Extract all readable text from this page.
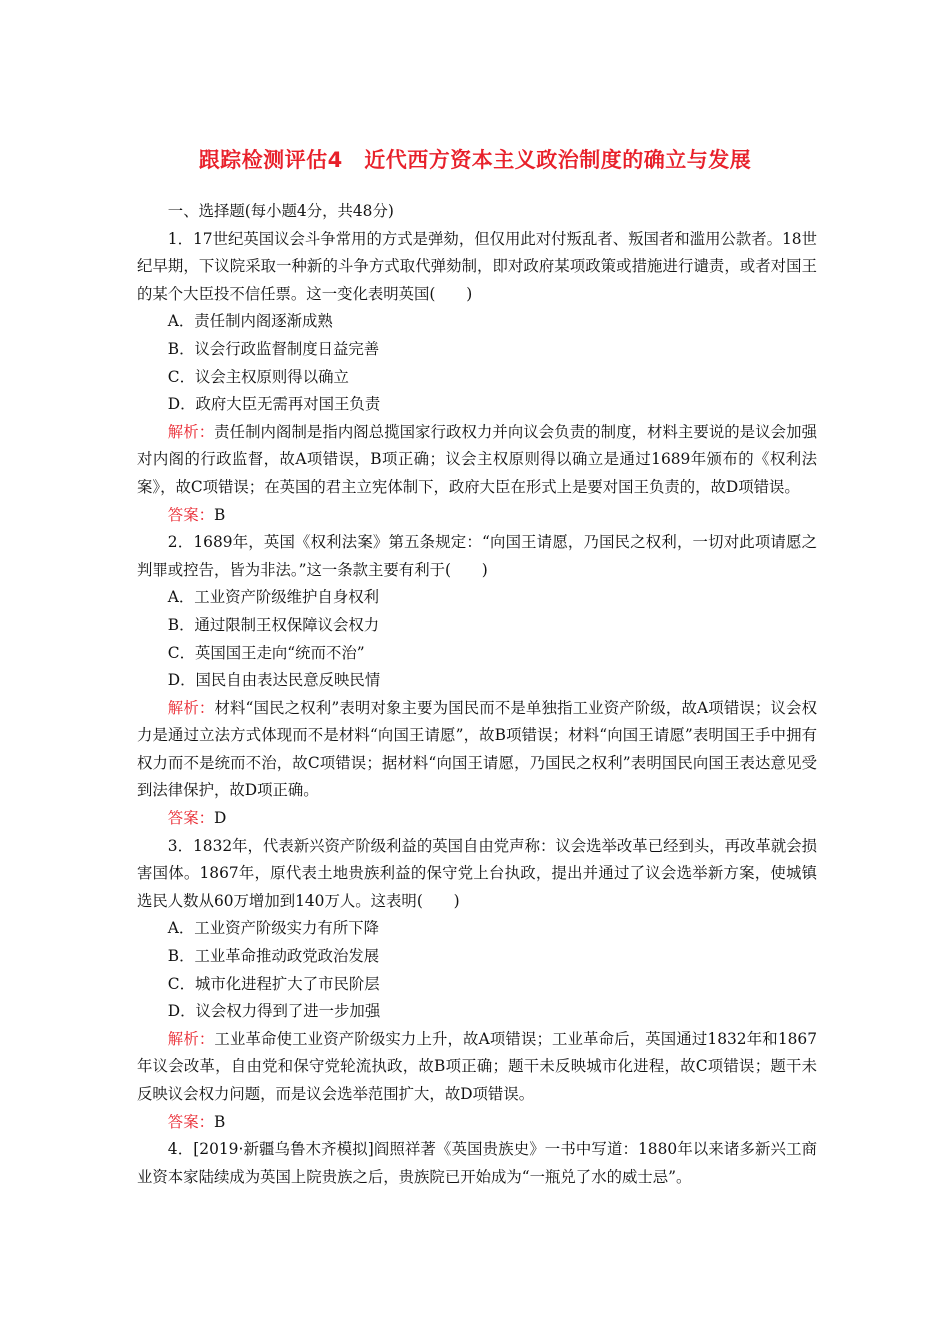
跟踪检测评估4　近代西方资本主义政治制度的确立与发展

一、选择题(每小题4分，共48分)

1．17世纪英国议会斗争常用的方式是弹劾，但仅用此对付叛乱者、叛国者和滥用公款者。18世纪早期，下议院采取一种新的斗争方式取代弹劾制，即对政府某项政策或措施进行谴责，或者对国王的某个大臣投不信任票。这一变化表明英国(　　)

A．责任制内阁逐渐成熟

B．议会行政监督制度日益完善

C．议会主权原则得以确立

D．政府大臣无需再对国王负责

解析：责任制内阁制是指内阁总揽国家行政权力并向议会负责的制度，材料主要说的是议会加强对内阁的行政监督，故A项错误，B项正确；议会主权原则得以确立是通过1689年颁布的《权利法案》，故C项错误；在英国的君主立宪体制下，政府大臣在形式上是要对国王负责的，故D项错误。

答案：B

2．1689年，英国《权利法案》第五条规定：“向国王请愿，乃国民之权利，一切对此项请愿之判罪或控告，皆为非法。”这一条款主要有利于(　　)

A．工业资产阶级维护自身权利

B．通过限制王权保障议会权力

C．英国国王走向“统而不治”

D．国民自由表达民意反映民情

解析：材料“国民之权利”表明对象主要为国民而不是单独指工业资产阶级，故A项错误；议会权力是通过立法方式体现而不是材料“向国王请愿”，故B项错误；材料“向国王请愿”表明国王手中拥有权力而不是统而不治，故C项错误；据材料“向国王请愿，乃国民之权利”表明国民向国王表达意见受到法律保护，故D项正确。

答案：D

3．1832年，代表新兴资产阶级利益的英国自由党声称：议会选举改革已经到头，再改革就会损害国体。1867年，原代表土地贵族利益的保守党上台执政，提出并通过了议会选举新方案，使城镇选民人数从60万增加到140万人。这表明(　　)

A．工业资产阶级实力有所下降

B．工业革命推动政党政治发展

C．城市化进程扩大了市民阶层

D．议会权力得到了进一步加强

解析：工业革命使工业资产阶级实力上升，故A项错误；工业革命后，英国通过1832年和1867年议会改革，自由党和保守党轮流执政，故B项正确；题干未反映城市化进程，故C项错误；题干未反映议会权力问题，而是议会选举范围扩大，故D项错误。

答案：B

4．[2019·新疆乌鲁木齐模拟]阎照祥著《英国贵族史》一书中写道：1880年以来诸多新兴工商业资本家陆续成为英国上院贵族之后，贵族院已开始成为“一瓶兑了水的威士忌”。
